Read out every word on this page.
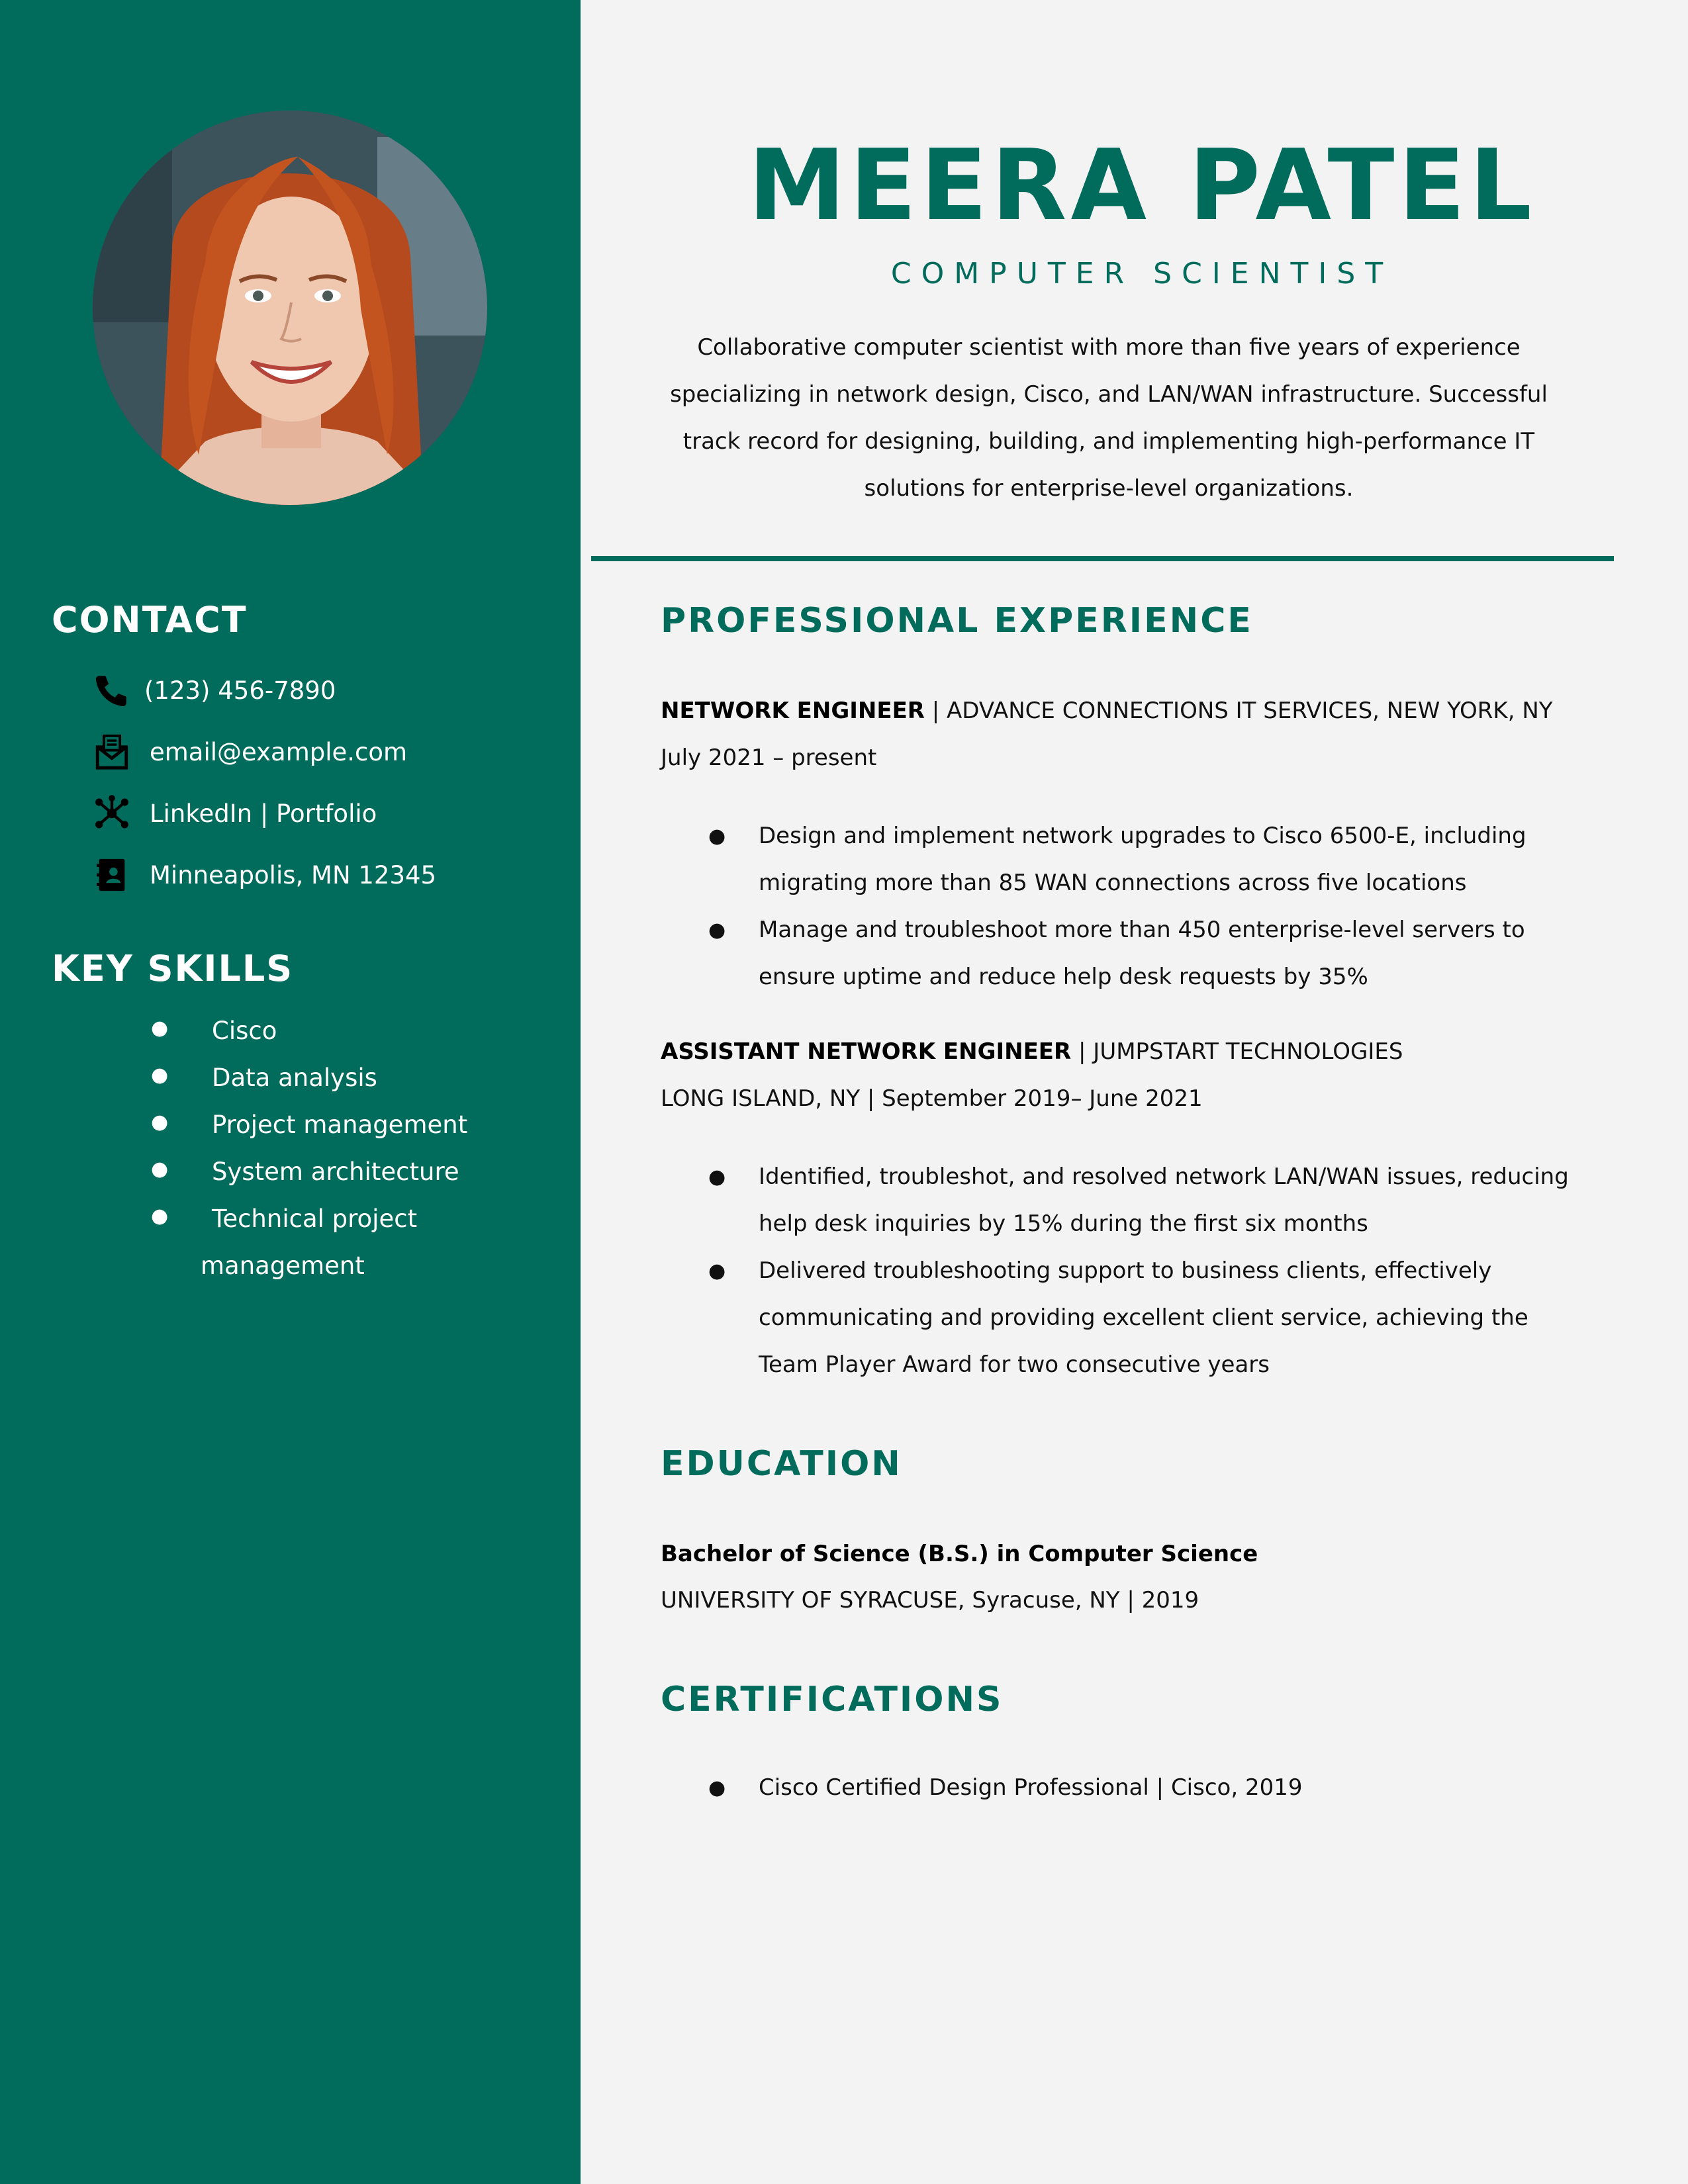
CONTACT
(123) 456-7890
email@example.com
LinkedIn | Portfolio
Minneapolis, MN 12345
KEY SKILLS
● Cisco
● Data analysis
● Project management
● System architecture
● Technical project
management
MEERA PATEL
COMPUTER SCIENTIST

Collaborative computer scientist with more than five years of experience specializing in network design, Cisco, and LAN/WAN infrastructure. Successful track record for designing, building, and implementing high-performance IT solutions for enterprise-level organizations.

PROFESSIONAL EXPERIENCE
NETWORK ENGINEER | ADVANCE CONNECTIONS IT SERVICES, NEW YORK, NY
July 2021 – present
● Design and implement network upgrades to Cisco 6500-E, including migrating more than 85 WAN connections across five locations
● Manage and troubleshoot more than 450 enterprise-level servers to ensure uptime and reduce help desk requests by 35%
ASSISTANT NETWORK ENGINEER | JUMPSTART TECHNOLOGIES
LONG ISLAND, NY | September 2019– June 2021
● Identified, troubleshot, and resolved network LAN/WAN issues, reducing help desk inquiries by 15% during the first six months
● Delivered troubleshooting support to business clients, effectively communicating and providing excellent client service, achieving the Team Player Award for two consecutive years
EDUCATION
Bachelor of Science (B.S.) in Computer Science
UNIVERSITY OF SYRACUSE, Syracuse, NY | 2019
CERTIFICATIONS
● Cisco Certified Design Professional | Cisco, 2019
